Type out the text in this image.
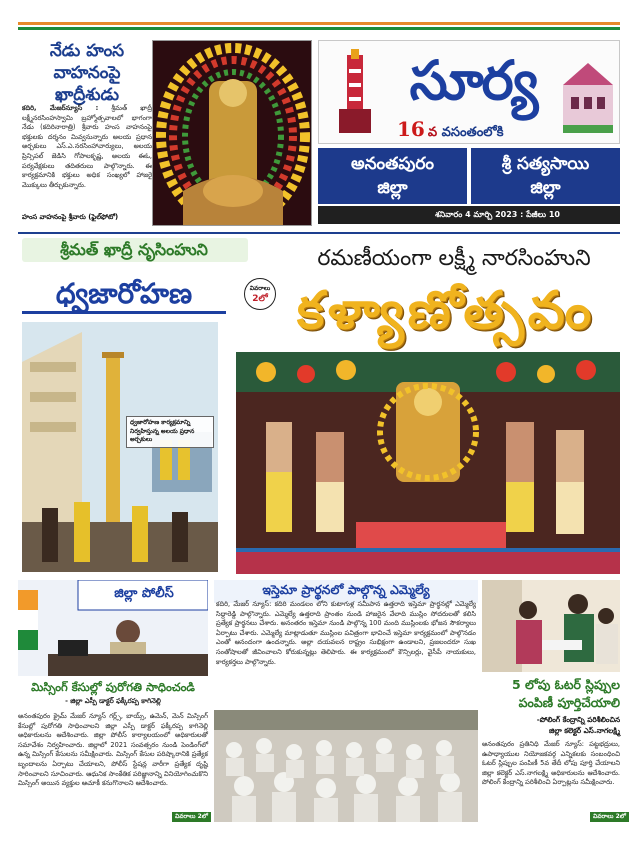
నేడు హంస
వాహనంపై
ఖాద్రీశుడు
కదిరి, మేజర్‌న్యూస్‌ : శ్రీమత్ ఖాద్రీ లక్ష్మీనరసింహస్వామి బ్రహ్మోత్సవాలలో భాగంగా నేడు (కదిరినారాత్రి) శ్రీవారు హంస వాహనంపై భక్తులకు దర్శనం మివ్వనున్నారు అలయ ప్రధాన అర్చకులు ఎస్.ఎ.నరసింహాచార్యులు, అలయ ప్రిన్సిపల్ జెడిసి గోపాలకృష్ణ, అలయ ఈఓ, పర్యవేక్షకులు తదితరులు పాల్గొన్నారు. ఈ కార్యక్రమానికి భక్తులు అధిక సంఖ్యలో హాజరై మొక్కులు తీర్చుకున్నారు.
హంస వాహనంపై శ్రీవారు (ఫైల్‌ఫోటో)
సూర్య
16 వ వసంతంలోకి
అనంతపురం
జిల్లా
శ్రీ సత్యసాయి
జిల్లా
శనివారం 4 మార్చి 2023 : పేజీలు 10
శ్రీమత్ ఖాద్రీ నృసింహుని
ధ్వజారోహణ
రమణీయంగా లక్ష్మీ నారసింహుని
వివరాలు
2లో కళ్యాణోత్సవం
ధ్వజారోహణ కార్యక్రమాన్ని నిర్వహిస్తున్న అలయ ప్రధాన అర్చకులు
జిల్లా పోలీస్
మిస్సింగ్ కేసుల్లో పురోగతి సాధించండి
- జిల్లా ఎస్పీ డాక్టర్ ఫక్కీరప్ప కాగినెల్లి
అనంతపురం క్రైమ్ మేజర్ న్యూస్ గర్ల్స్, బాయ్స్, ఉమెన్, మెన్ మిస్సింగ్ కేసుల్లో పురోగతి సాధించాలని జిల్లా ఎస్పీ డాక్టర్ ఫక్కీరప్ప కాగినెల్లి అధికారులను ఆదేశించారు. జిల్లా పోలీస్ కార్యాలయంలో అధికారులతో సమావేశం నిర్వహించారు. జిల్లాలో 2021 సంవత్సరం నుండి పెండింగ్‌లో ఉన్న మిస్సింగ్ కేసులను సమీక్షించారు. మిస్సింగ్ కేసుల పరిష్కారానికి ప్రత్యేక బృందాలను ఏర్పాటు చేయాలని, పోలీస్ స్టేషన్ల వారీగా ప్రత్యేక దృష్టి సారించాలని సూచించారు. ఆధునిక సాంకేతిక పరిజ్ఞానాన్ని వినియోగించుకొని మిస్సింగ్ అయిన వ్యక్తుల ఆచూకీ కనుగొనాలని ఆదేశించారు.
వివరాలు 2లో
ఇస్తెమా ప్రార్థనలో పాల్గొన్న ఎమ్మెల్యే
కదిరి, మేజర్ న్యూస్: కదిరి మండలం లోని కుటాగుళ్ల సమీపాన ఉత్తరాది ఇస్తెమా ప్రార్థనల్లో ఎమ్మెల్యే సిద్దారెడ్డి పాల్గొన్నారు. ఎమ్మెల్యే ఉత్తరాది ప్రాంతం నుండి హాజరైన వేలాది ముస్లిం సోదరులతో కలిసి ప్రత్యేక ప్రార్థనలు చేశారు. అనంతరం ఇస్తెమా నుండి పాల్గొన్న 100 మంది ముస్లింలకు భోజన సౌకర్యాలు ఏర్పాటు చేశారు. ఎమ్మెల్యే మాట్లాడుతూ ముస్లింల పవిత్రంగా భావించే ఇస్తెమా కార్యక్రమంలో పాల్గొనడం ఎంతో ఆనందంగా ఉందన్నారు. అల్లా దయవలన రాష్ట్రం సుభిక్షంగా ఉండాలని, ప్రజలందరూ సుఖ సంతోషాలతో జీవించాలని కోరుకున్నట్లు తెలిపారు. ఈ కార్యక్రమంలో కౌన్సిలర్లు, వైసీపీ నాయకులు, కార్యకర్తలు పాల్గొన్నారు.
5 లోపు ఓటర్ స్లిప్పుల
పంపిణీ పూర్తిచేయాలి
-పోలింగ్ కేంద్రాన్ని పరిశీలించిన
జిల్లా కలెక్టర్ ఎస్.నాగలక్ష్మి
అనంతపురం ప్రతినిధి మేజర్ న్యూస్: పట్టభద్రులు, ఉపాధ్యాయుల నియోజకవర్గ ఎన్నికలకు సంబంధించి ఓటర్ స్లిప్పుల పంపిణీ 5వ తేదీ లోపు పూర్తి చేయాలని జిల్లా కలెక్టర్ ఎస్.నాగలక్ష్మి అధికారులను ఆదేశించారు. పోలింగ్ కేంద్రాన్ని పరిశీలించి ఏర్పాట్లను సమీక్షించారు.
వివరాలు 2లో
